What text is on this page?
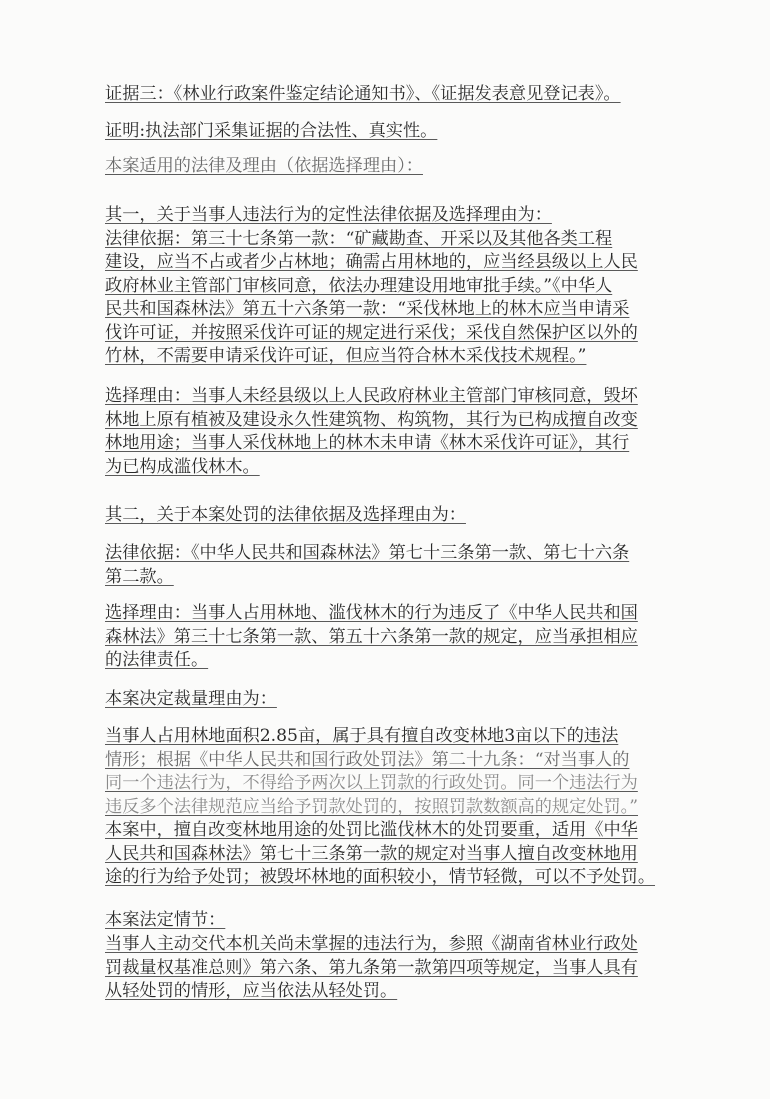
证据三：《林业行政案件鉴定结论通知书》、《证据发表意见登记表》。

证明:执法部门采集证据的合法性、真实性。

本案适用的法律及理由（依据选择理由）：

其一，关于当事人违法行为的定性法律依据及选择理由为：
法律依据：第三十七条第一款：“矿藏勘查、开采以及其他各类工程
建设，应当不占或者少占林地；确需占用林地的，应当经县级以上人民
政府林业主管部门审核同意，依法办理建设用地审批手续。”《中华人
民共和国森林法》第五十六条第一款：“采伐林地上的林木应当申请采
伐许可证，并按照采伐许可证的规定进行采伐；采伐自然保护区以外的
竹林，不需要申请采伐许可证，但应当符合林木采伐技术规程。”
选择理由：当事人未经县级以上人民政府林业主管部门审核同意，毁坏
林地上原有植被及建设永久性建筑物、构筑物，其行为已构成擅自改变
林地用途；当事人采伐林地上的林木未申请《林木采伐许可证》，其行
为已构成滥伐林木。

其二，关于本案处罚的法律依据及选择理由为：

法律依据：《中华人民共和国森林法》第七十三条第一款、第七十六条
第二款。
选择理由：当事人占用林地、滥伐林木的行为违反了《中华人民共和国
森林法》第三十七条第一款、第五十六条第一款的规定，应当承担相应
的法律责任。

本案决定裁量理由为：

当事人占用林地面积2.85亩，属于具有擅自改变林地3亩以下的违法
情形；根据《中华人民共和国行政处罚法》第二十九条：“对当事人的
同一个违法行为，不得给予两次以上罚款的行政处罚。同一个违法行为
违反多个法律规范应当给予罚款处罚的，按照罚款数额高的规定处罚。”
本案中，擅自改变林地用途的处罚比滥伐林木的处罚要重，适用《中华
人民共和国森林法》第七十三条第一款的规定对当事人擅自改变林地用
途的行为给予处罚；被毁坏林地的面积较小，情节轻微，可以不予处罚。

本案法定情节：

当事人主动交代本机关尚未掌握的违法行为，参照《湖南省林业行政处
罚裁量权基准总则》第六条、第九条第一款第四项等规定，当事人具有
从轻处罚的情形，应当依法从轻处罚。
